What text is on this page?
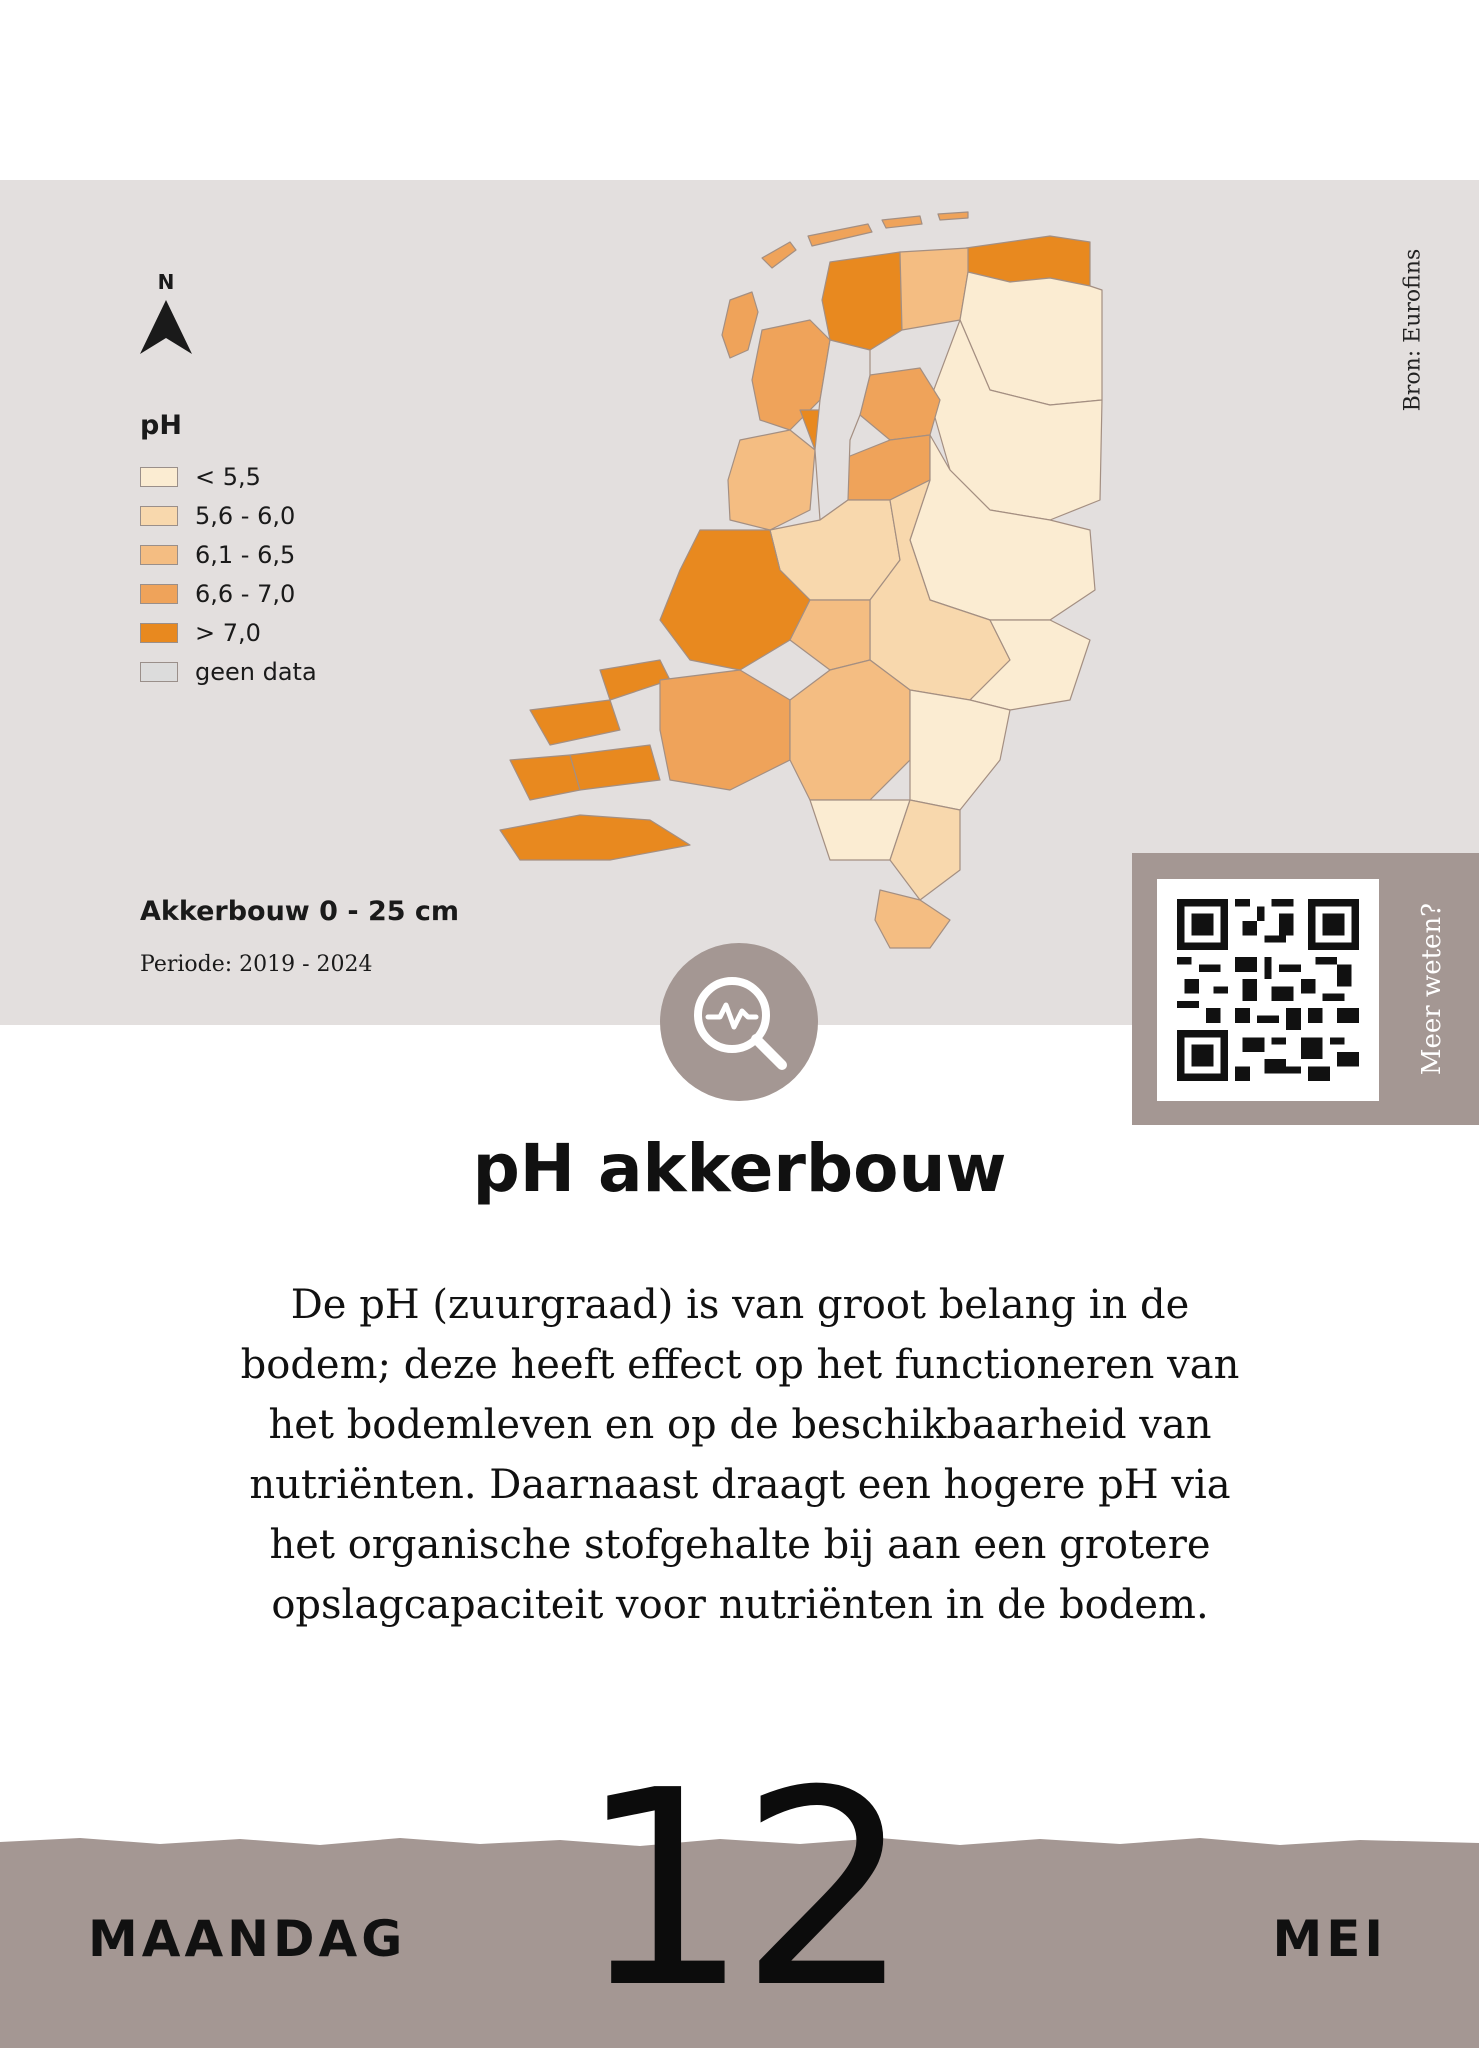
N
pH
< 5,5
5,6 - 6,0
6,1 - 6,5
6,6 - 7,0
> 7,0
geen data
Bron: Eurofins
Akkerbouw 0 - 25 cm
Periode: 2019 - 2024	Meer weten?
pH akkerbouw
De pH (zuurgraad) is van groot belang in de bodem; deze heeft effect op het functioneren van het bodemleven en op de beschikbaarheid van nutriënten. Daarnaast draagt een hogere pH via het organische stofgehalte bij aan een grotere opslagcapaciteit voor nutriënten in de bodem.
12
MAANDAG	MEI
